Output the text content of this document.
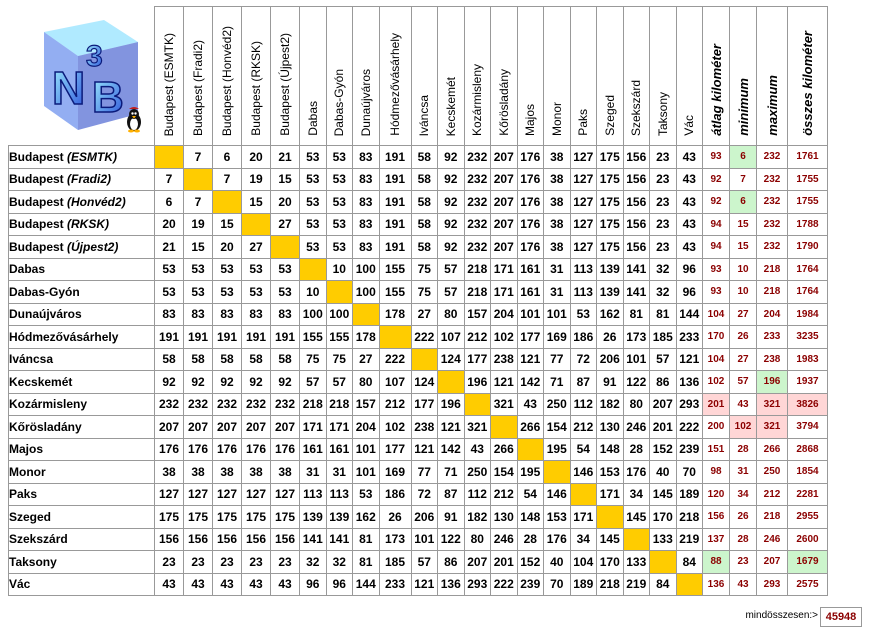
	Budapest (ESMTK)	Budapest (Fradi2)	Budapest (Honvéd2)	Budapest (RKSK)	Budapest (Újpest2)	Dabas	Dabas-Gyón	Dunaújváros	Hódmezővásárhely	Iváncsa	Kecskemét	Kozármisleny	Kőrösladány	Majos	Monor	Paks	Szeged	Szekszárd	Taksony	Vác	átlag kilométer	minimum	maximum	összes kilométer
Budapest (ESMTK)		7	6	20	21	53	53	83	191	58	92	232	207	176	38	127	175	156	23	43	93	6	232	1761
Budapest (Fradi2)	7		7	19	15	53	53	83	191	58	92	232	207	176	38	127	175	156	23	43	92	7	232	1755
Budapest (Honvéd2)	6	7		15	20	53	53	83	191	58	92	232	207	176	38	127	175	156	23	43	92	6	232	1755
Budapest (RKSK)	20	19	15		27	53	53	83	191	58	92	232	207	176	38	127	175	156	23	43	94	15	232	1788
Budapest (Újpest2)	21	15	20	27		53	53	83	191	58	92	232	207	176	38	127	175	156	23	43	94	15	232	1790
Dabas	53	53	53	53	53		10	100	155	75	57	218	171	161	31	113	139	141	32	96	93	10	218	1764
Dabas-Gyón	53	53	53	53	53	10		100	155	75	57	218	171	161	31	113	139	141	32	96	93	10	218	1764
Dunaújváros	83	83	83	83	83	100	100		178	27	80	157	204	101	101	53	162	81	81	144	104	27	204	1984
Hódmezővásárhely	191	191	191	191	191	155	155	178		222	107	212	102	177	169	186	26	173	185	233	170	26	233	3235
Iváncsa	58	58	58	58	58	75	75	27	222		124	177	238	121	77	72	206	101	57	121	104	27	238	1983
Kecskemét	92	92	92	92	92	57	57	80	107	124		196	121	142	71	87	91	122	86	136	102	57	196	1937
Kozármisleny	232	232	232	232	232	218	218	157	212	177	196		321	43	250	112	182	80	207	293	201	43	321	3826
Kőrösladány	207	207	207	207	207	171	171	204	102	238	121	321		266	154	212	130	246	201	222	200	102	321	3794
Majos	176	176	176	176	176	161	161	101	177	121	142	43	266		195	54	148	28	152	239	151	28	266	2868
Monor	38	38	38	38	38	31	31	101	169	77	71	250	154	195		146	153	176	40	70	98	31	250	1854
Paks	127	127	127	127	127	113	113	53	186	72	87	112	212	54	146		171	34	145	189	120	34	212	2281
Szeged	175	175	175	175	175	139	139	162	26	206	91	182	130	148	153	171		145	170	218	156	26	218	2955
Szekszárd	156	156	156	156	156	141	141	81	173	101	122	80	246	28	176	34	145		133	219	137	28	246	2600
Taksony	23	23	23	23	23	32	32	81	185	57	86	207	201	152	40	104	170	133		84	88	23	207	1679
Vác	43	43	43	43	43	96	96	144	233	121	136	293	222	239	70	189	218	219	84		136	43	293	2575
N
3
B
mindösszesen:> 45948
